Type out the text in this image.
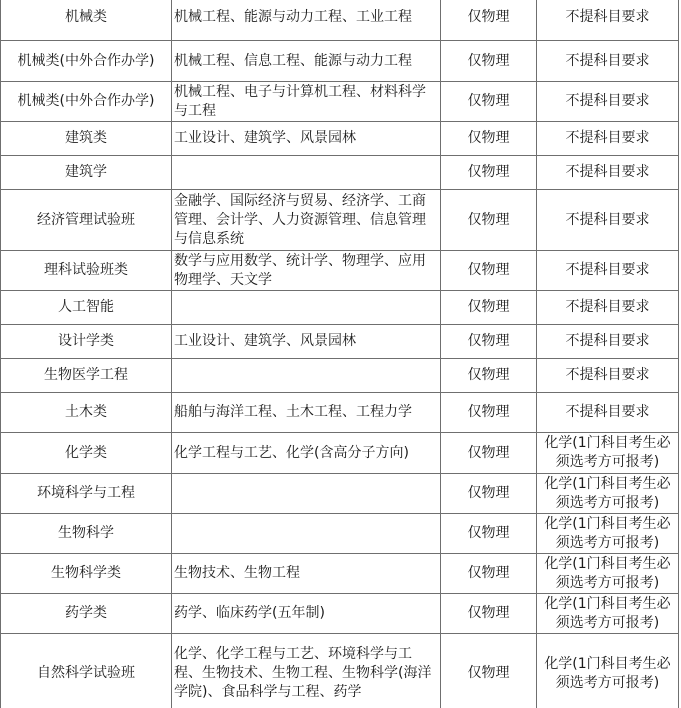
机械类	机械工程、能源与动力工程、工业工程	仅物理	不提科目要求
机械类(中外合作办学)	机械工程、信息工程、能源与动力工程	仅物理	不提科目要求
机械类(中外合作办学)	机械工程、电子与计算机工程、材料科学与工程	仅物理	不提科目要求
建筑类	工业设计、建筑学、风景园林	仅物理	不提科目要求
建筑学		仅物理	不提科目要求
经济管理试验班	金融学、国际经济与贸易、经济学、工商管理、会计学、人力资源管理、信息管理与信息系统	仅物理	不提科目要求
理科试验班类	数学与应用数学、统计学、物理学、应用物理学、天文学	仅物理	不提科目要求
人工智能		仅物理	不提科目要求
设计学类	工业设计、建筑学、风景园林	仅物理	不提科目要求
生物医学工程		仅物理	不提科目要求
土木类	船舶与海洋工程、土木工程、工程力学	仅物理	不提科目要求
化学类	化学工程与工艺、化学(含高分子方向)	仅物理	化学(1门科目考生必须选考方可报考)
环境科学与工程		仅物理	化学(1门科目考生必须选考方可报考)
生物科学		仅物理	化学(1门科目考生必须选考方可报考)
生物科学类	生物技术、生物工程	仅物理	化学(1门科目考生必须选考方可报考)
药学类	药学、临床药学(五年制)	仅物理	化学(1门科目考生必须选考方可报考)
自然科学试验班	化学、化学工程与工艺、环境科学与工程、生物技术、生物工程、生物科学(海洋学院)、食品科学与工程、药学	仅物理	化学(1门科目考生必须选考方可报考)
